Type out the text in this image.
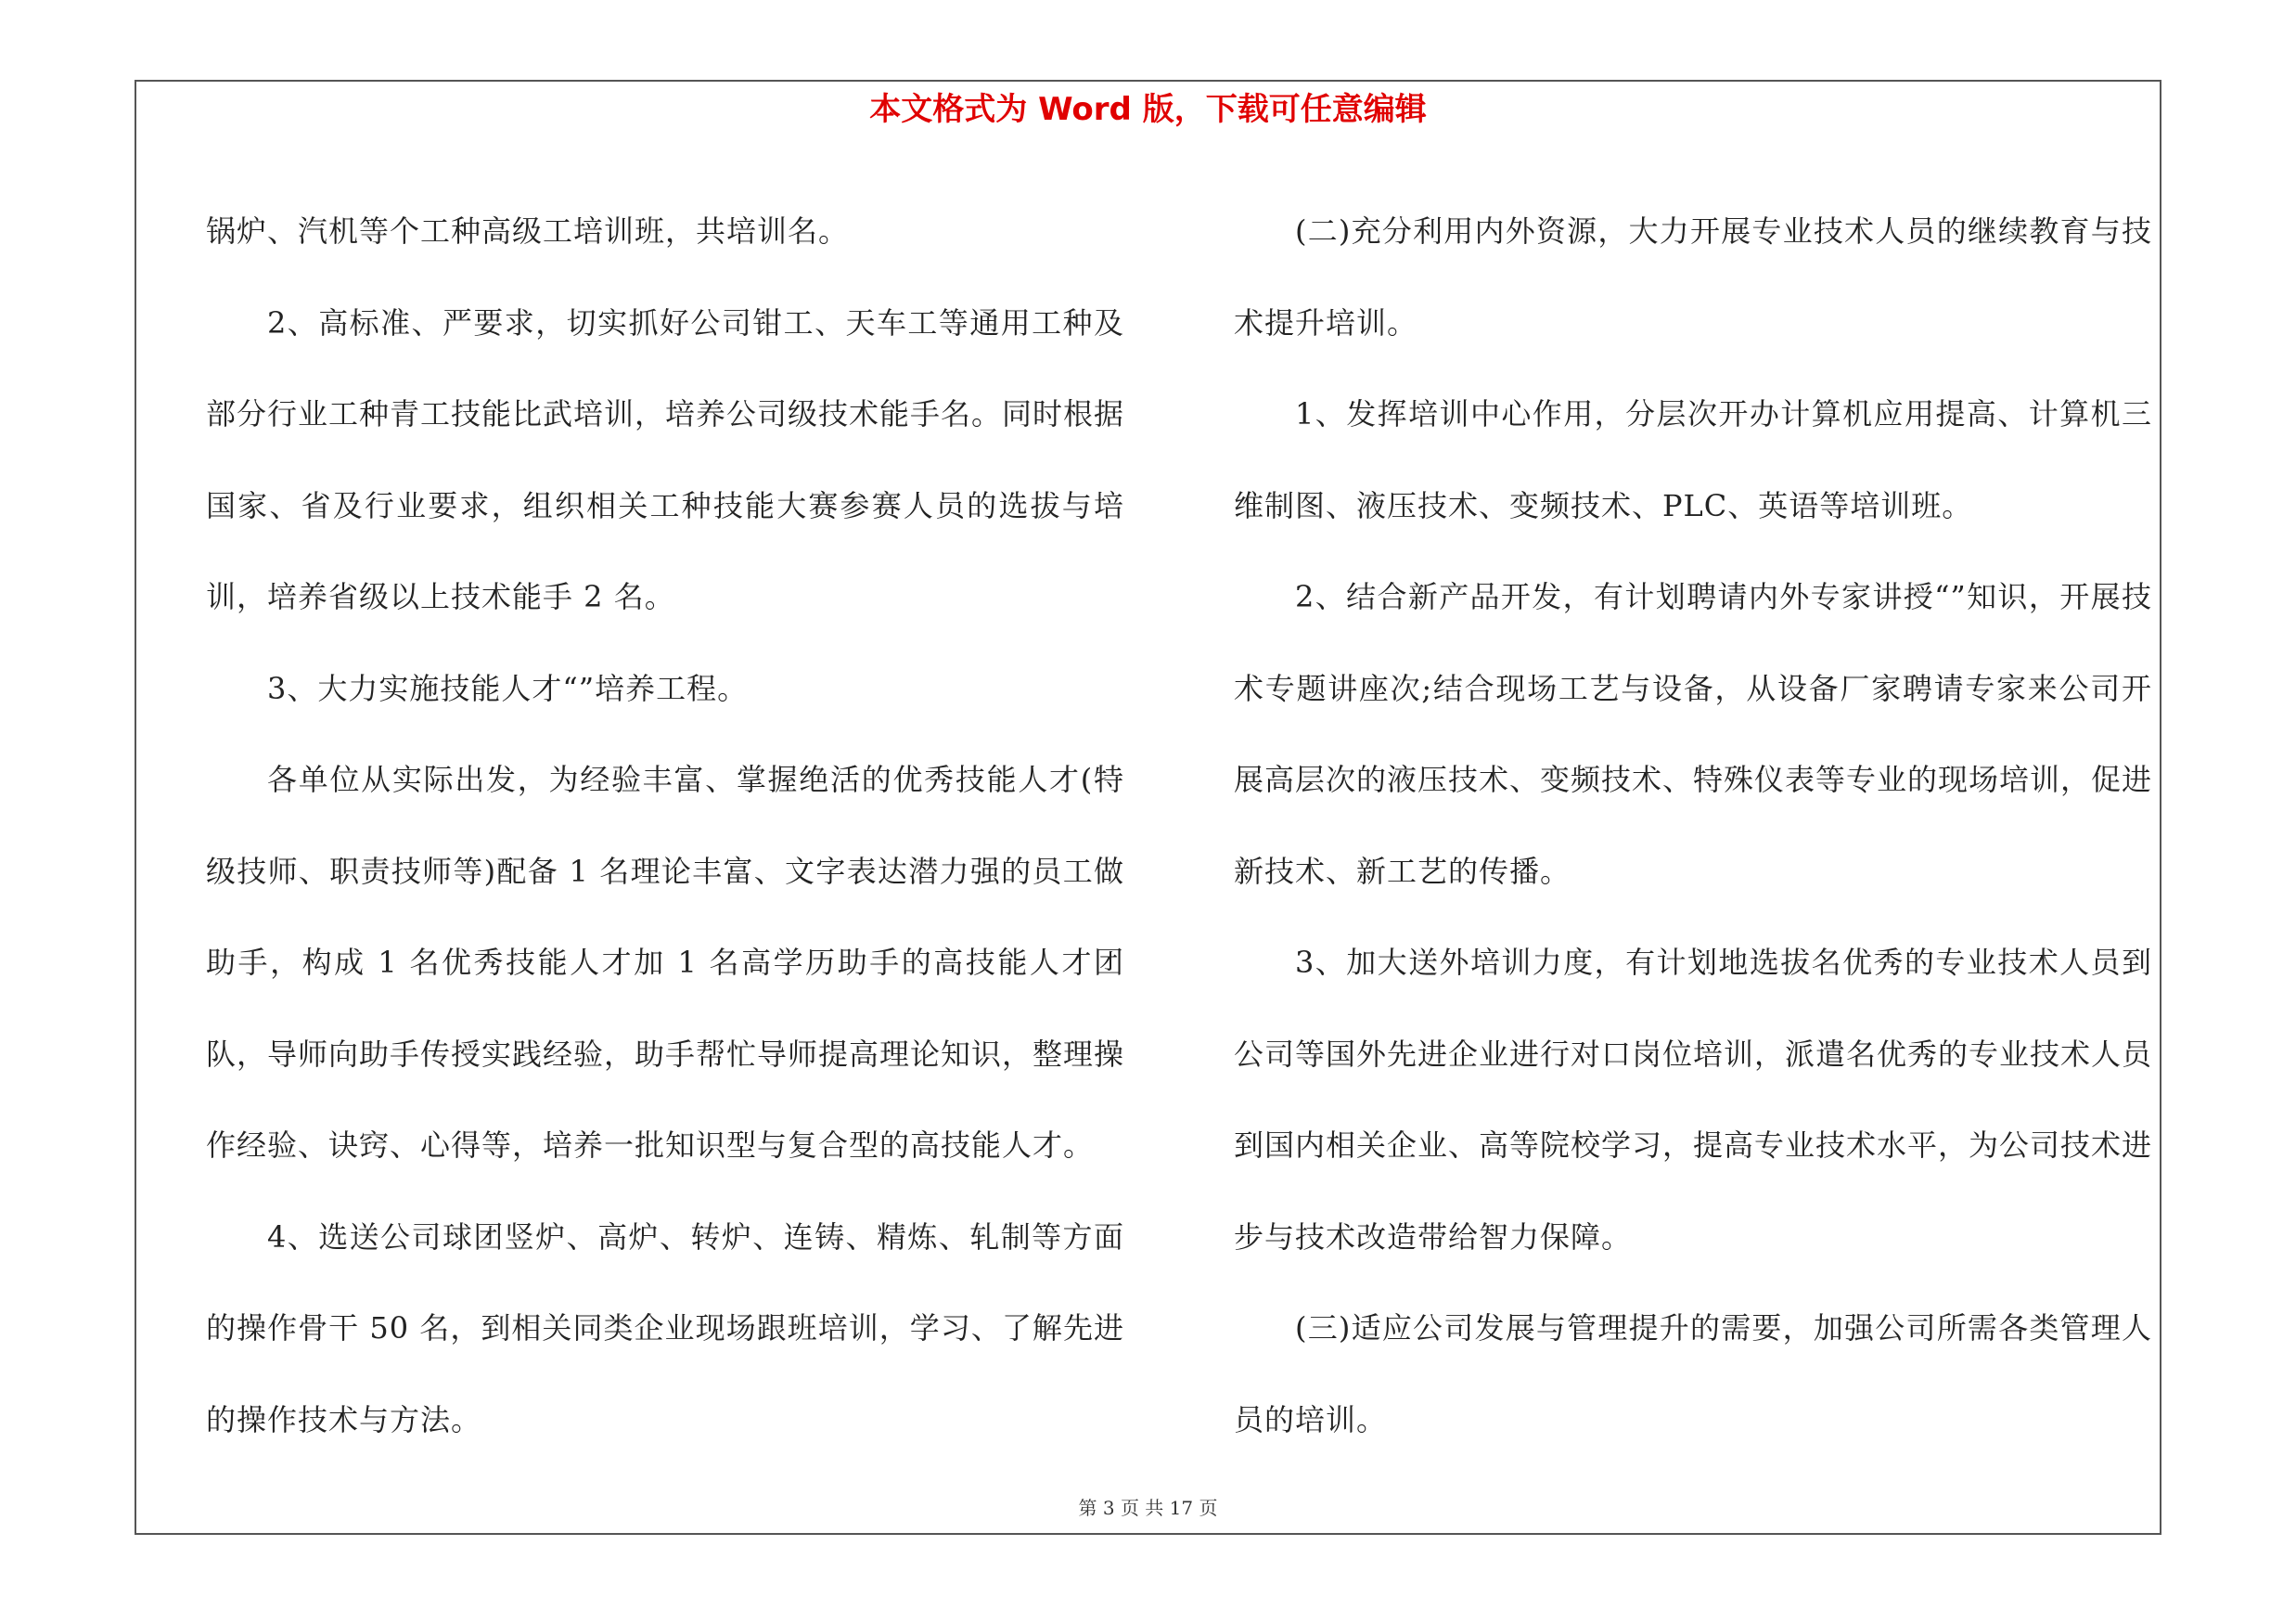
本文格式为 Word 版，下载可任意编辑

锅炉、汽机等个工种高级工培训班，共培训名。

2、高标准、严要求，切实抓好公司钳工、天车工等通用工种及部分行业工种青工技能比武培训，培养公司级技术能手名。同时根据国家、省及行业要求，组织相关工种技能大赛参赛人员的选拔与培训，培养省级以上技术能手 2 名。

3、大力实施技能人才“”培养工程。

各单位从实际出发，为经验丰富、掌握绝活的优秀技能人才(特级技师、职责技师等)配备 1 名理论丰富、文字表达潜力强的员工做助手，构成 1 名优秀技能人才加 1 名高学历助手的高技能人才团队，导师向助手传授实践经验，助手帮忙导师提高理论知识，整理操作经验、诀窍、心得等，培养一批知识型与复合型的高技能人才。

4、选送公司球团竖炉、高炉、转炉、连铸、精炼、轧制等方面的操作骨干 50 名，到相关同类企业现场跟班培训，学习、了解先进的操作技术与方法。

(二)充分利用内外资源，大力开展专业技术人员的继续教育与技术提升培训。

1、发挥培训中心作用，分层次开办计算机应用提高、计算机三维制图、液压技术、变频技术、PLC、英语等培训班。

2、结合新产品开发，有计划聘请内外专家讲授“”知识，开展技术专题讲座次;结合现场工艺与设备，从设备厂家聘请专家来公司开展高层次的液压技术、变频技术、特殊仪表等专业的现场培训，促进新技术、新工艺的传播。

3、加大送外培训力度，有计划地选拔名优秀的专业技术人员到公司等国外先进企业进行对口岗位培训，派遣名优秀的专业技术人员到国内相关企业、高等院校学习，提高专业技术水平，为公司技术进步与技术改造带给智力保障。

(三)适应公司发展与管理提升的需要，加强公司所需各类管理人员的培训。

第 3 页 共 17 页
